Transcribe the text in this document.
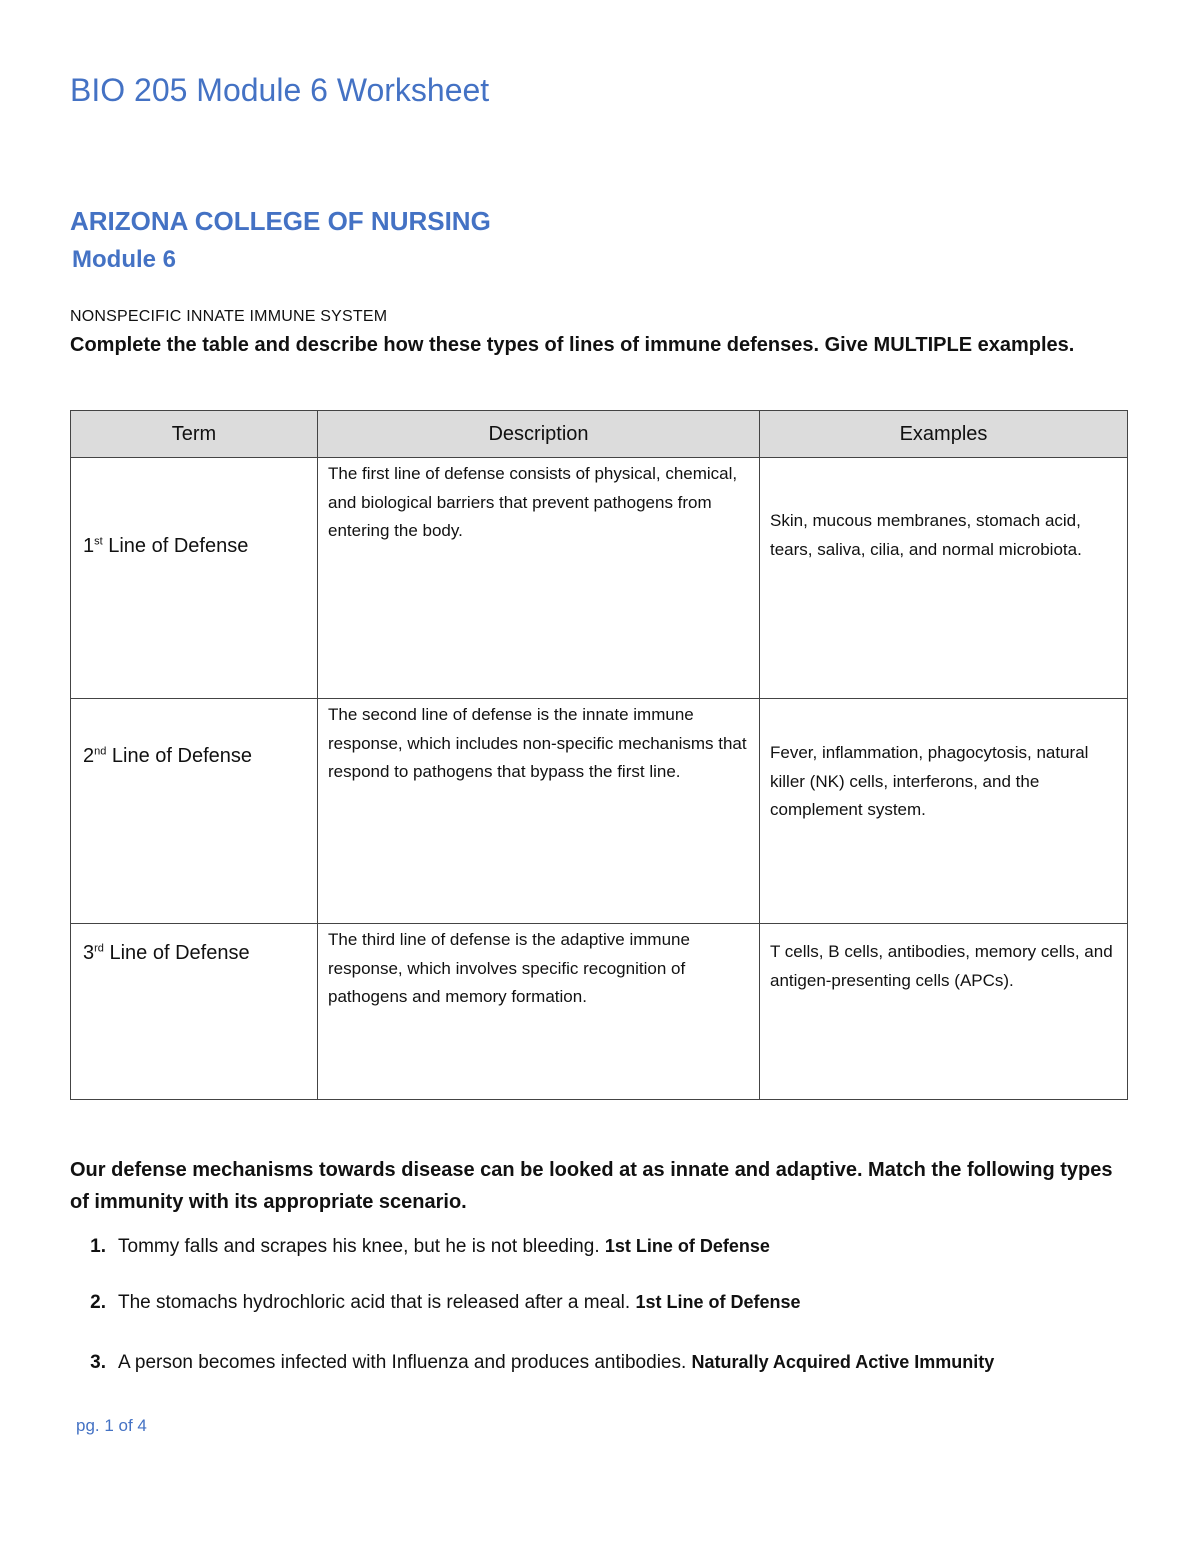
BIO 205 Module 6 Worksheet
ARIZONA COLLEGE OF NURSING
Module 6
NONSPECIFIC INNATE IMMUNE SYSTEM
Complete the table and describe how these types of lines of immune defenses. Give MULTIPLE examples.
Term	Description	Examples

1st Line of Defense	The first line of defense consists of physical, chemical, and biological barriers that prevent pathogens from entering the body.	Skin, mucous membranes, stomach acid, tears, saliva, cilia, and normal microbiota.

2nd Line of Defense	The second line of defense is the innate immune response, which includes non-specific mechanisms that respond to pathogens that bypass the first line.	Fever, inflammation, phagocytosis, natural killer (NK) cells, interferons, and the complement system.

3rd Line of Defense	The third line of defense is the adaptive immune response, which involves specific recognition of pathogens and memory formation.	T cells, B cells, antibodies, memory cells, and antigen-presenting cells (APCs).
Our defense mechanisms towards disease can be looked at as innate and adaptive. Match the following types of immunity with its appropriate scenario.
1. Tommy falls and scrapes his knee, but he is not bleeding. 1st Line of Defense
2. The stomachs hydrochloric acid that is released after a meal. 1st Line of Defense
3. A person becomes infected with Influenza and produces antibodies. Naturally Acquired Active Immunity
pg. 1 of 4
